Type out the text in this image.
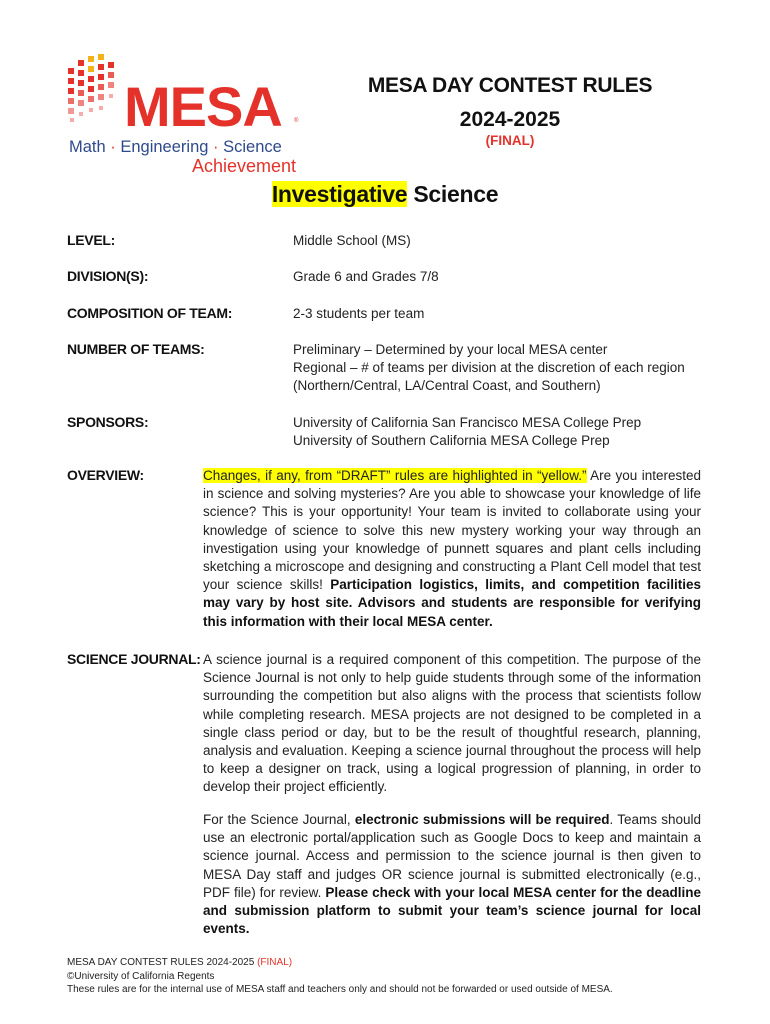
MESA ®
Math · Engineering · Science
Achievement
MESA DAY CONTEST RULES
2024-2025
(FINAL)
Investigative Science
LEVEL:	Middle School (MS)
DIVISION(S):	Grade 6 and Grades 7/8
COMPOSITION OF TEAM:	2-3 students per team
NUMBER OF TEAMS:	Preliminary – Determined by your local MESA center
Regional – # of teams per division at the discretion of each region
(Northern/Central, LA/Central Coast, and Southern)
SPONSORS:	University of California San Francisco MESA College Prep
University of Southern California MESA College Prep
OVERVIEW:	Changes, if any, from “DRAFT” rules are highlighted in “yellow.” Are you interested in science and solving mysteries? Are you able to showcase your knowledge of life science? This is your opportunity! Your team is invited to collaborate using your knowledge of science to solve this new mystery working your way through an investigation using your knowledge of punnett squares and plant cells including sketching a microscope and designing and constructing a Plant Cell model that test your science skills! Participation logistics, limits, and competition facilities may vary by host site. Advisors and students are responsible for verifying this information with their local MESA center.
SCIENCE JOURNAL: A science journal is a required component of this competition. The purpose of the Science Journal is not only to help guide students through some of the information surrounding the competition but also aligns with the process that scientists follow while completing research. MESA projects are not designed to be completed in a single class period or day, but to be the result of thoughtful research, planning, analysis and evaluation. Keeping a science journal throughout the process will help to keep a designer on track, using a logical progression of planning, in order to develop their project efficiently.
For the Science Journal, electronic submissions will be required. Teams should use an electronic portal/application such as Google Docs to keep and maintain a science journal. Access and permission to the science journal is then given to MESA Day staff and judges OR science journal is submitted electronically (e.g., PDF file) for review. Please check with your local MESA center for the deadline and submission platform to submit your team’s science journal for local events.
MESA DAY CONTEST RULES 2024-2025 (FINAL)
©University of California Regents
These rules are for the internal use of MESA staff and teachers only and should not be forwarded or used outside of MESA.
